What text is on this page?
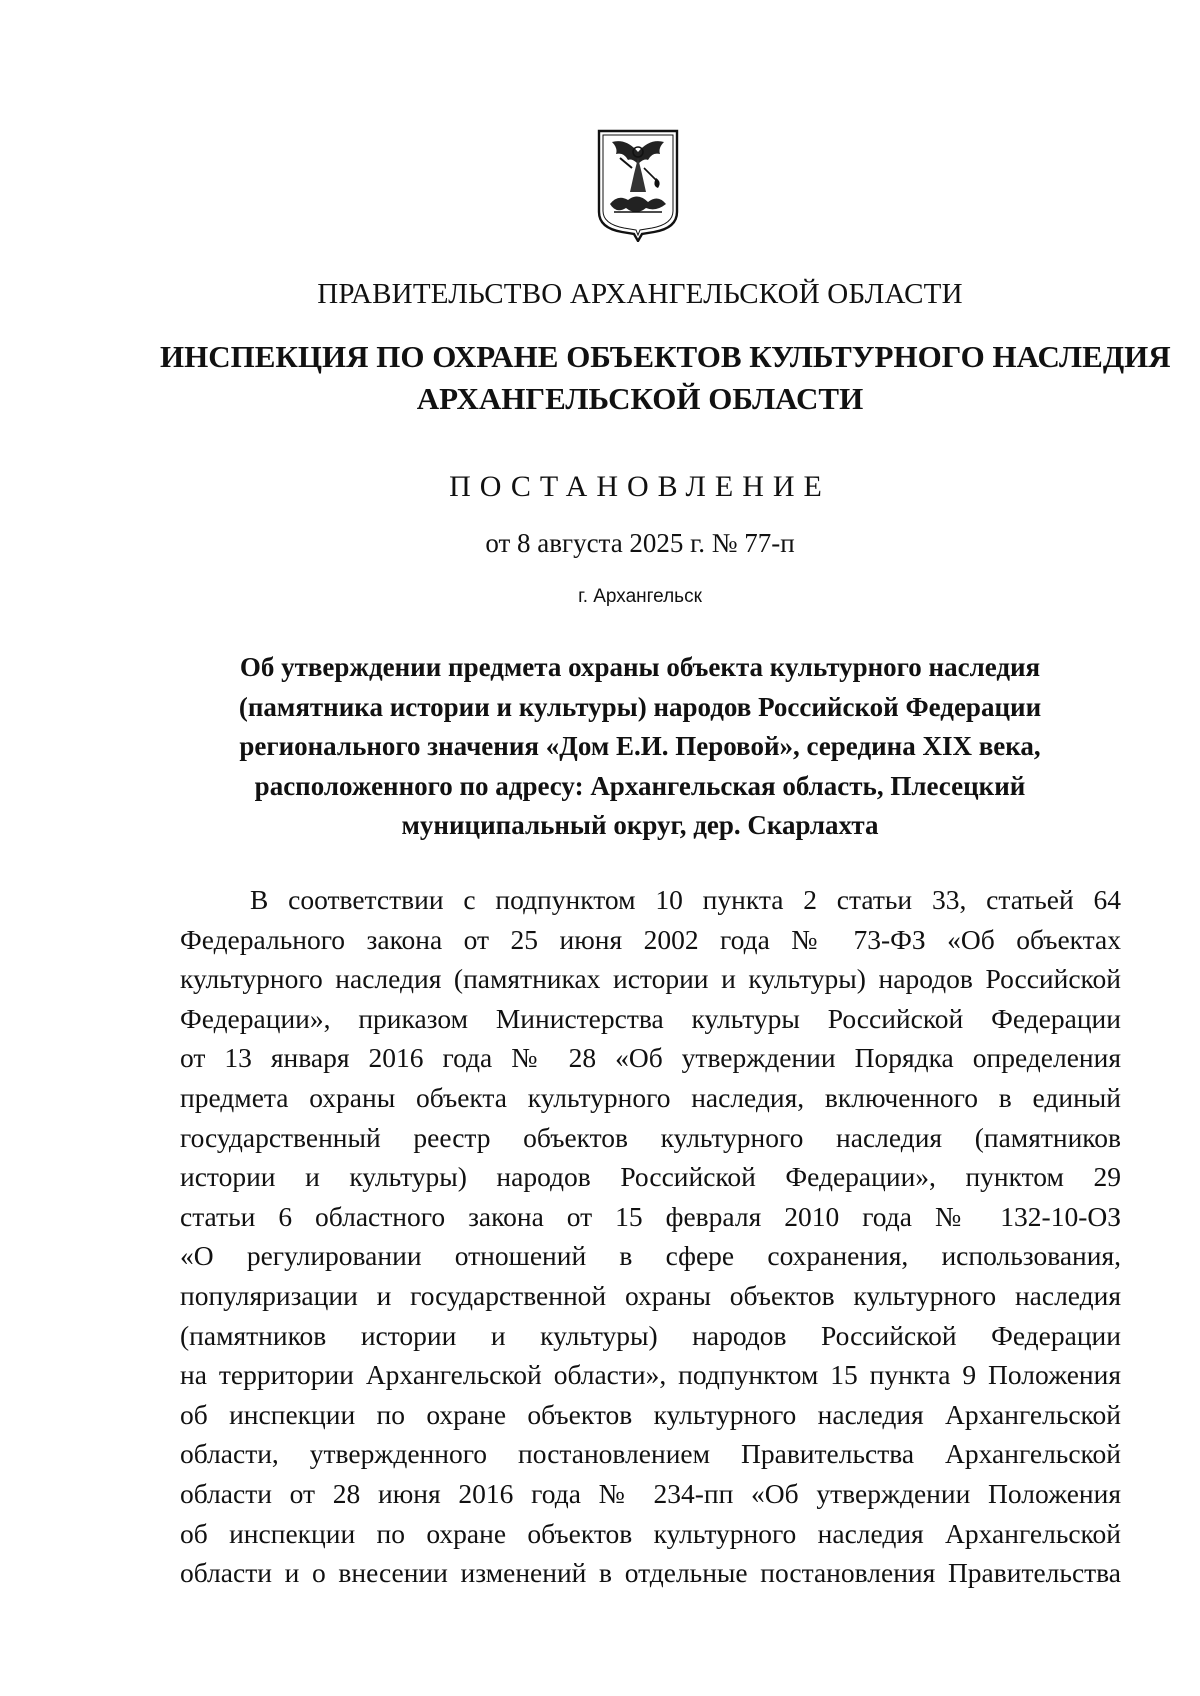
ПРАВИТЕЛЬСТВО АРХАНГЕЛЬСКОЙ ОБЛАСТИ
ИНСПЕКЦИЯ ПО ОХРАНЕ ОБЪЕКТОВ КУЛЬТУРНОГО НАСЛЕДИЯ
АРХАНГЕЛЬСКОЙ ОБЛАСТИ
ПОСТАНОВЛЕНИЕ
от 8 августа 2025 г. № 77-п
г. Архангельск
Об утверждении предмета охраны объекта культурного наследия
(памятника истории и культуры) народов Российской Федерации
регионального значения «Дом Е.И. Перовой», середина XIX века,
расположенного по адресу: Архангельская область, Плесецкий
муниципальный округ, дер. Скарлахта
В соответствии с подпунктом 10 пункта 2 статьи 33, статьей 64
Федерального закона от 25 июня 2002 года № 73-ФЗ «Об объектах
культурного наследия (памятниках истории и культуры) народов Российской
Федерации», приказом Министерства культуры Российской Федерации
от 13 января 2016 года № 28 «Об утверждении Порядка определения
предмета охраны объекта культурного наследия, включенного в единый
государственный реестр объектов культурного наследия (памятников
истории и культуры) народов Российской Федерации», пунктом 29
статьи 6 областного закона от 15 февраля 2010 года № 132-10-ОЗ
«О регулировании отношений в сфере сохранения, использования,
популяризации и государственной охраны объектов культурного наследия
(памятников истории и культуры) народов Российской Федерации
на территории Архангельской области», подпунктом 15 пункта 9 Положения
об инспекции по охране объектов культурного наследия Архангельской
области, утвержденного постановлением Правительства Архангельской
области от 28 июня 2016 года № 234-пп «Об утверждении Положения
об инспекции по охране объектов культурного наследия Архангельской
области и о внесении изменений в отдельные постановления Правительства
